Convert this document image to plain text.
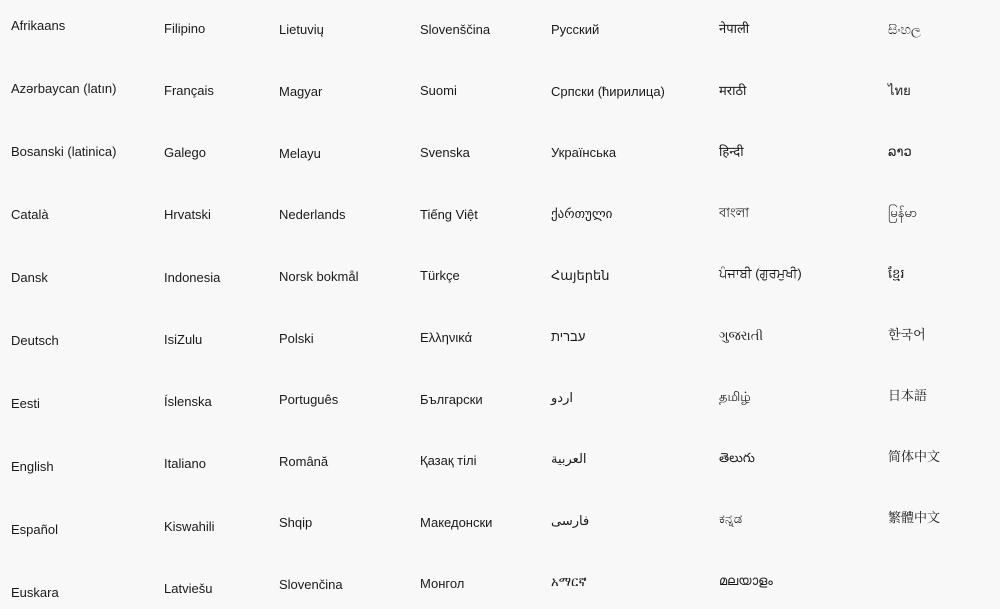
Afrikaans
Azərbaycan (latın)
Bosanski (latinica)
Català
Dansk
Deutsch
Eesti
English
Español
Euskara
Filipino
Français
Galego
Hrvatski
Indonesia
IsiZulu
Íslenska
Italiano
Kiswahili
Latviešu
Lietuvių
Magyar
Melayu
Nederlands
Norsk bokmål
Polski
Português
Română
Shqip
Slovenčina
Slovenščina
Suomi
Svenska
Tiếng Việt
Türkçe
Ελληνικά
Български
Қазақ тілі
Македонски
Монгол
Русский
Српски (ћирилица)
Українська
ქართული
Հայերեն
עברית
اردو
العربية
فارسی
አማርኛ
नेपाली
मराठी
हिन्दी
বাংলা
ਪੰਜਾਬੀ (ਗੁਰਮੁਖੀ)
ગુજરાતી
தமிழ்
తెలుగు
ಕನ್ನಡ
മലയാളം
සිංහල
ไทย
ລາວ
မြန်မာ
ខ្មែរ
한국어
日本語
简体中文
繁體中文
